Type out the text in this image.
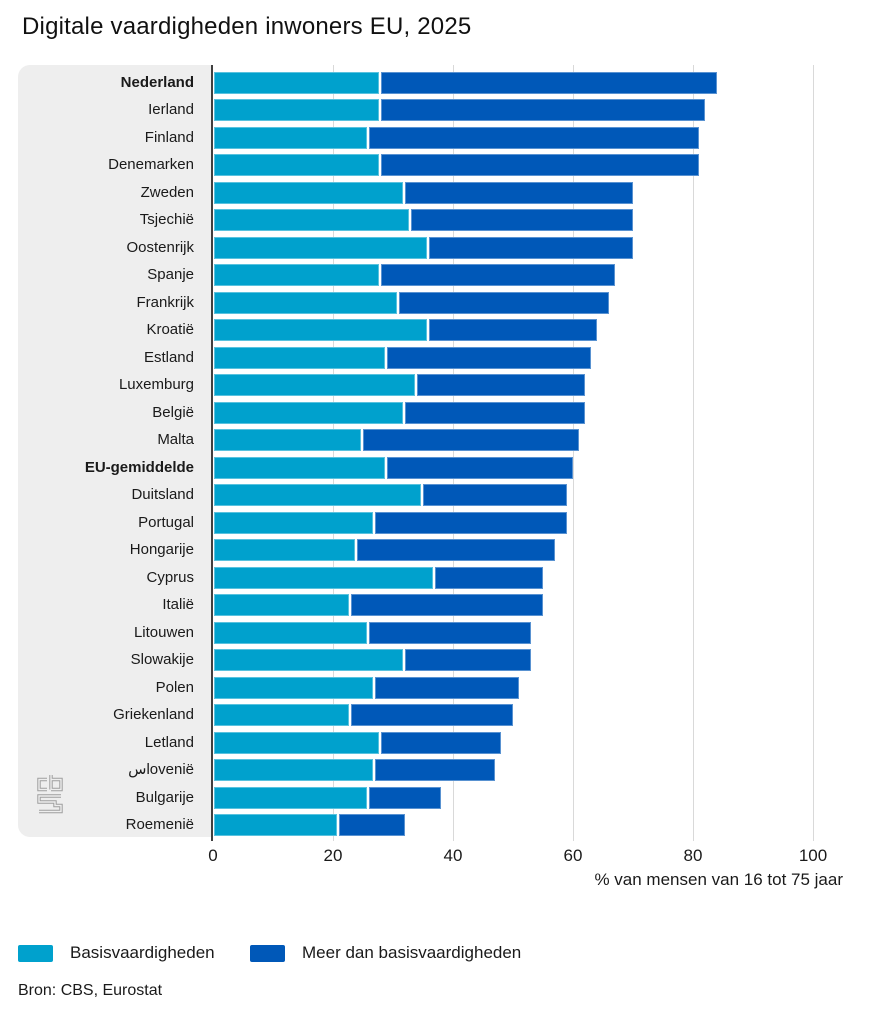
Digitale vaardigheden inwoners EU, 2025
Nederland
Ierland
Finland
Denemarken
Zweden
Tsjechië
Oostenrijk
Spanje
Frankrijk
Kroatië
Estland
Luxemburg
België
Malta
EU-gemiddelde
Duitsland
Portugal
Hongarije
Cyprus
Italië
Litouwen
Slowakije
Polen
Griekenland
Letland
سlovenië
Bulgarije
Roemenië
0	20	40	60	80	100
% van mensen van 16 tot 75 jaar
Basisvaardigheden	Meer dan basisvaardigheden
Bron: CBS, Eurostat
